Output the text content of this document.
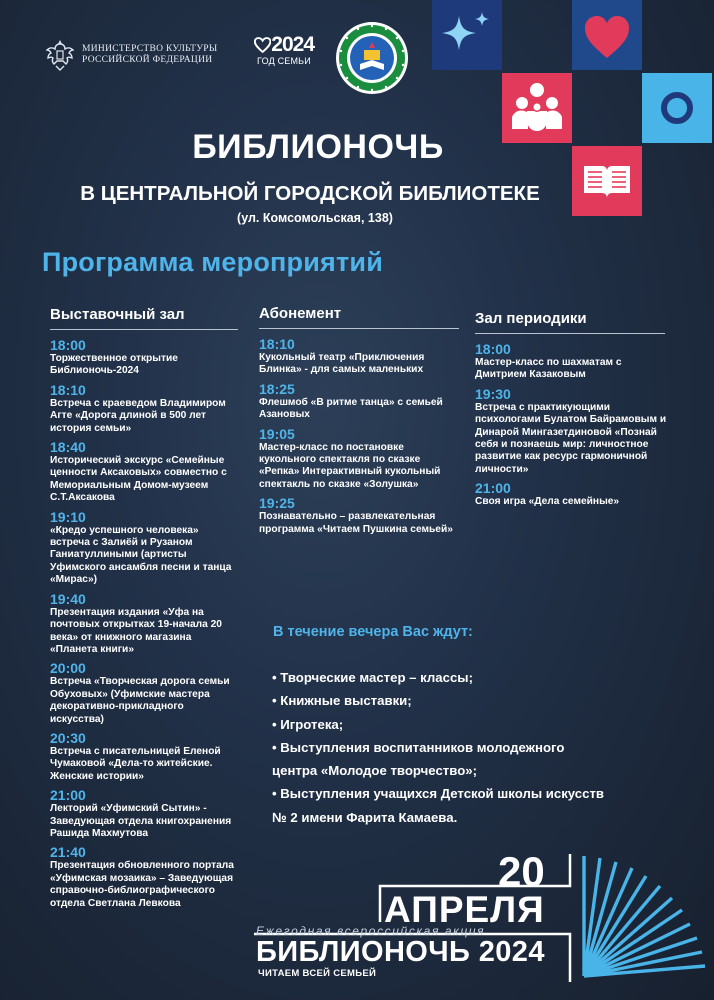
МИНИСТЕРСТВО КУЛЬТУРЫ
РОССИЙСКОЙ ФЕДЕРАЦИИ
2024
ГОД СЕМЬИ
БИБЛИОНОЧЬ
В ЦЕНТРАЛЬНОЙ ГОРОДСКОЙ БИБЛИОТЕКЕ
(ул. Комсомольская, 138)
Программа мероприятий
Выставочный зал
18:00
Торжественное открытие Библионочь-2024
18:10
Встреча с краеведом Владимиром Агте «Дорога длиной в 500 лет история семьи»
18:40
Исторический экскурс «Семейные ценности Аксаковых» совместно с Мемориальным Домом-музеем С.Т.Аксакова
19:10
«Кредо успешного человека» встреча с Залиёй и Рузаном Ганиатуллиными (артисты Уфимского ансамбля песни и танца «Мирас»)
19:40
Презентация издания «Уфа на почтовых открытках 19-начала 20 века» от книжного магазина «Планета книги»
20:00
Встреча «Творческая дорога семьи Обуховых» (Уфимские мастера декоративно-прикладного искусства)
20:30
Встреча с писательницей Еленой Чумаковой «Дела-то житейские. Женские истории»
21:00
Лекторий «Уфимский Сытин» - Заведующая отдела книгохранения Рашида Махмутова
21:40
Презентация обновленного портала «Уфимская мозаика» – Заведующая справочно-библиографического отдела Светлана Левкова
Абонемент
18:10
Кукольный театр «Приключения Блинка» - для самых маленьких
18:25
Флешмоб «В ритме танца» с семьей Азановых
19:05
Мастер-класс по постановке кукольного спектакля по сказке «Репка» Интерактивный кукольный спектакль по сказке «Золушка»
19:25
Познавательно – развлекательная программа «Читаем Пушкина семьей»
Зал периодики
18:00
Мастер-класс по шахматам с Дмитрием Казаковым
19:30
Встреча с практикующими психологами Булатом Байрамовым и Динарой Мингазетдиновой «Познай себя и познаешь мир: личностное развитие как ресурс гармоничной личности»
21:00
Своя игра «Дела семейные»
В течение вечера Вас ждут:
• Творческие мастер – классы;
• Книжные выставки;
• Игротека;
• Выступления воспитанников молодежного
центра «Молодое творчество»;
• Выступления учащихся Детской школы искусств
№ 2 имени Фарита Камаева.
20
АПРЕЛЯ
Ежегодная всероссийская акция
БИБЛИОНОЧЬ 2024
ЧИТАЕМ ВСЕЙ СЕМЬЕЙ
